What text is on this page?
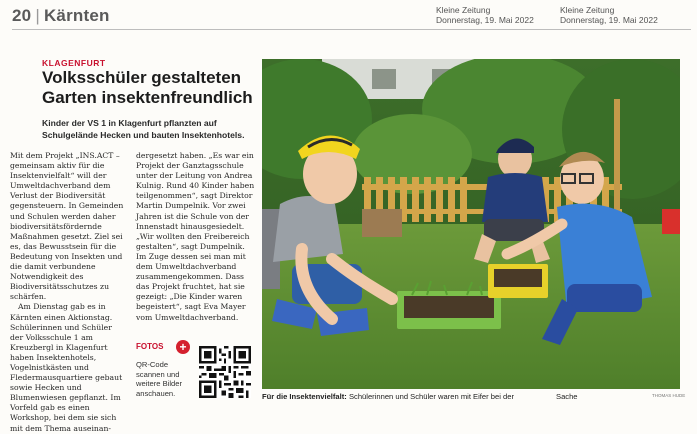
20 | Kärnten	Kleine Zeitung
Donnerstag, 19. Mai 2022
Kleine Zeitung
Donnerstag, 19. Mai 2022
KLAGENFURT
Volksschüler gestalteten Garten insektenfreundlich
Kinder der VS 1 in Klagenfurt pflanzten auf Schulgelände Hecken und bauten Insektenhotels.

Mit dem Projekt „INS.ACT – gemeinsam aktiv für die Insektenvielfalt“ will der Umweltdachverband dem Verlust der Biodiversität gegensteuern. In Gemeinden und Schulen werden daher biodiversitätsfördernde Maßnahmen gesetzt. Ziel sei es, das Bewusstsein für die Bedeutung von Insekten und die damit verbundene Notwendigkeit des Biodiversitätsschutzes zu schärfen.

Am Dienstag gab es in Kärnten einen Aktionstag. Schülerinnen und Schüler der Volksschule 1 am Kreuzbergl in Klagenfurt haben Insektenhotels, Vogelnistkästen und Fledermausquartiere gebaut sowie Hecken und Blumenwiesen gepflanzt. Im Vorfeld gab es einen Workshop, bei dem sie sich mit dem Thema auseinan-

dergesetzt haben. „Es war ein Projekt der Ganztagsschule unter der Leitung von Andrea Kulnig. Rund 40 Kinder haben teilgenommen“, sagt Direktor Martin Dumpelnik. Vor zwei Jahren ist die Schule von der Innenstadt hinausgesiedelt. „Wir wollten den Freibereich gestalten“, sagt Dumpelnik. Im Zuge dessen sei man mit dem Umweltdachverband zusammengekommen. Dass das Projekt fruchtet, hat sie gezeigt: „Die Kinder waren begeistert“, sagt Eva Mayer vom Umweltdachverband.

FOTOS +
QR-Code scannen und weitere Bilder anschauen.	THOMAS HUDE
Für die Insektenvielfalt: Schülerinnen und Schüler waren mit Eifer bei der	Sache
